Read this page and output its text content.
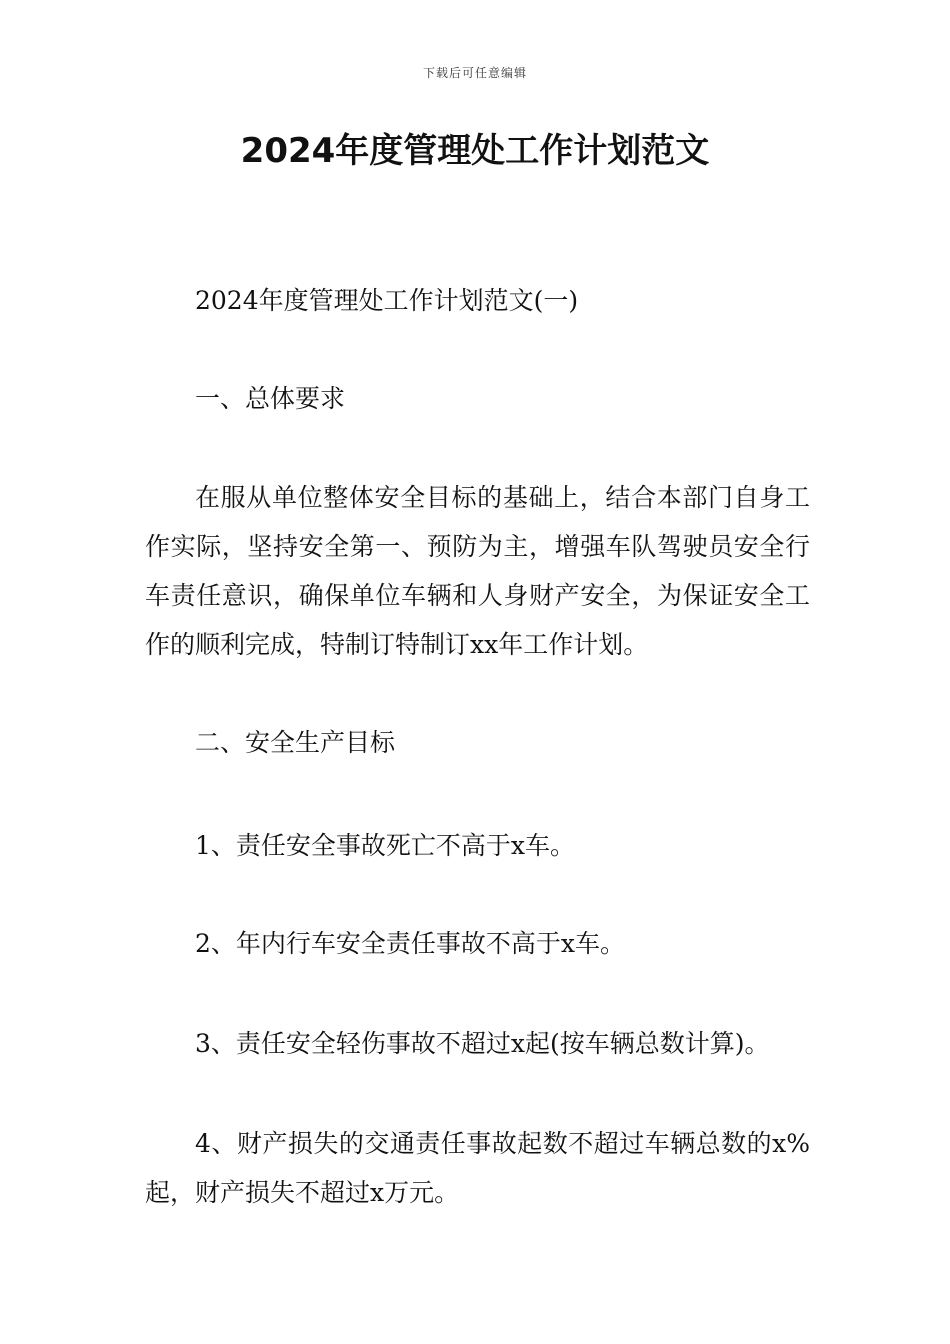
下载后可任意编辑
2024年度管理处工作计划范文

2024年度管理处工作计划范文(一)

一、总体要求

在服从单位整体安全目标的基础上，结合本部门自身工作实际，坚持安全第一、预防为主，增强车队驾驶员安全行车责任意识，确保单位车辆和人身财产安全，为保证安全工作的顺利完成，特制订特制订xx年工作计划。

二、安全生产目标

1、责任安全事故死亡不高于x车。

2、年内行车安全责任事故不高于x车。

3、责任安全轻伤事故不超过x起(按车辆总数计算)。

4、财产损失的交通责任事故起数不超过车辆总数的x%起，财产损失不超过x万元。
